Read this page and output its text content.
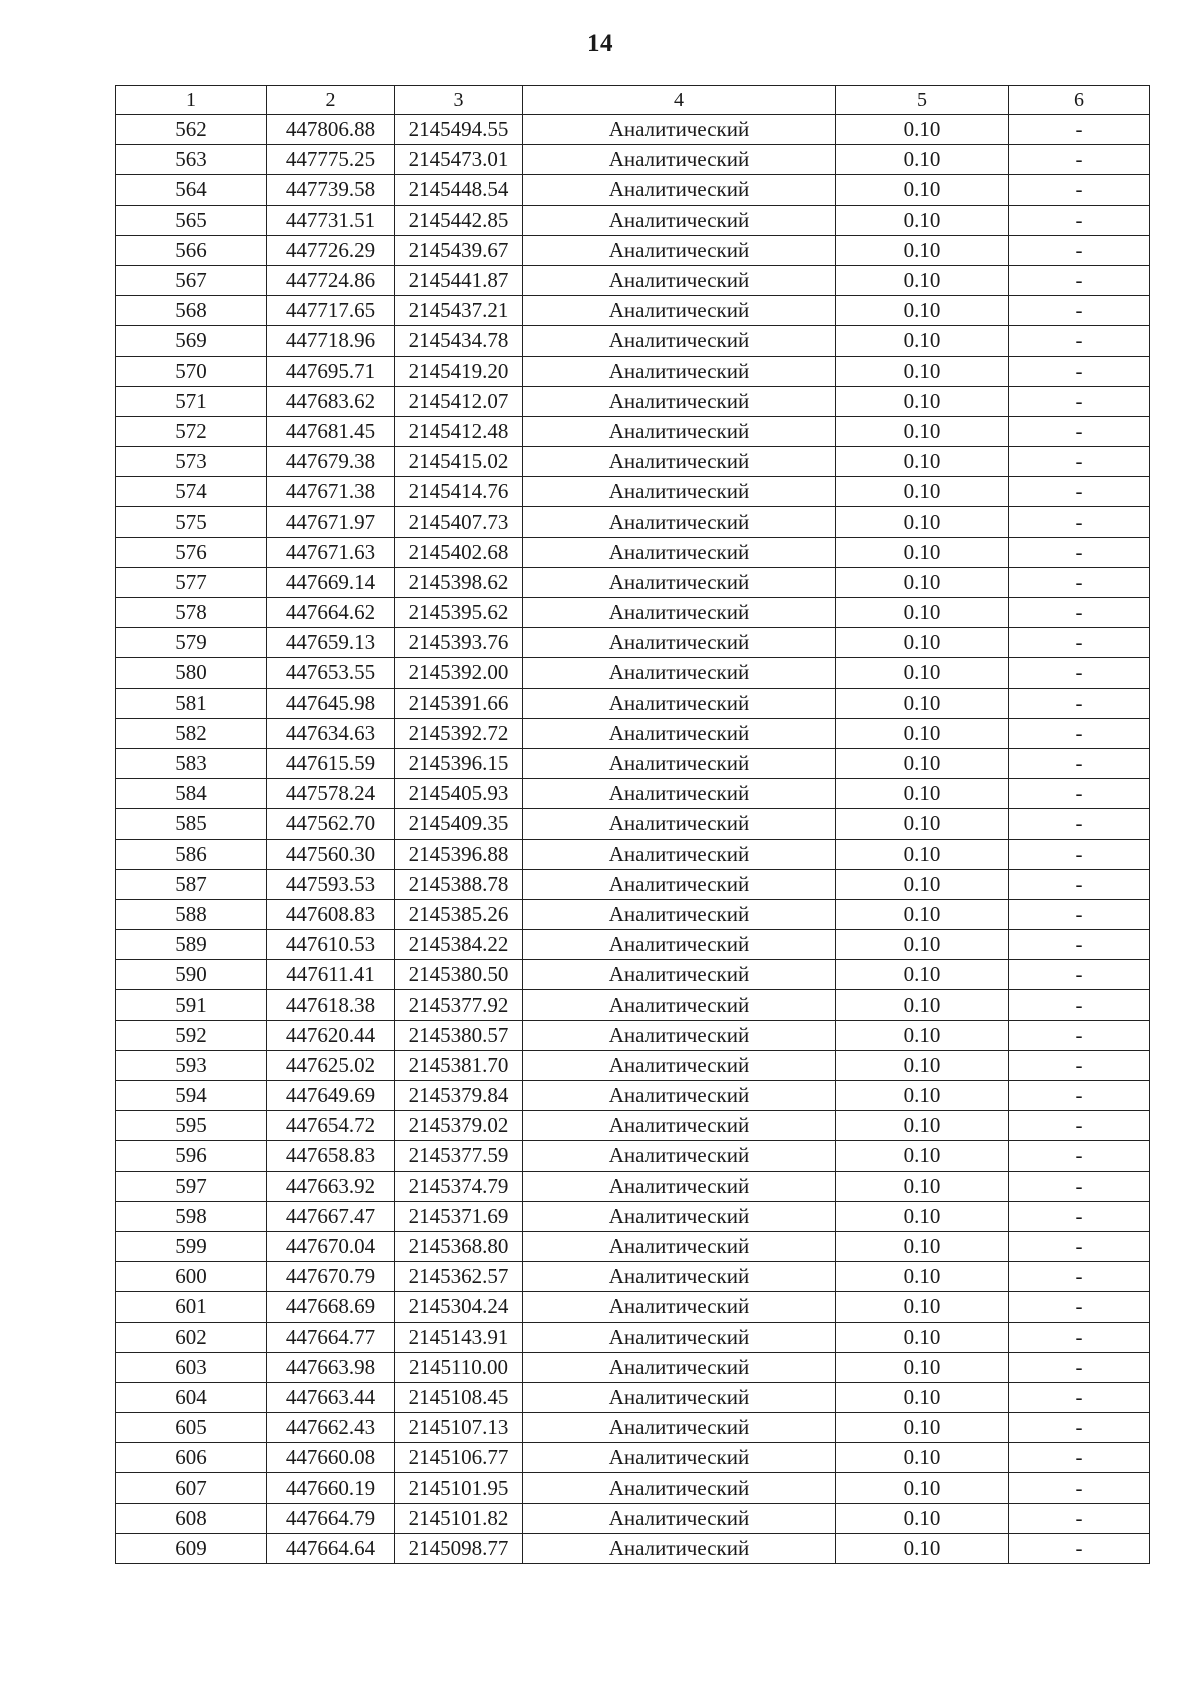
14
1	2	3	4	5	6
562	447806.88	2145494.55	Аналитический	0.10	-
563	447775.25	2145473.01	Аналитический	0.10	-
564	447739.58	2145448.54	Аналитический	0.10	-
565	447731.51	2145442.85	Аналитический	0.10	-
566	447726.29	2145439.67	Аналитический	0.10	-
567	447724.86	2145441.87	Аналитический	0.10	-
568	447717.65	2145437.21	Аналитический	0.10	-
569	447718.96	2145434.78	Аналитический	0.10	-
570	447695.71	2145419.20	Аналитический	0.10	-
571	447683.62	2145412.07	Аналитический	0.10	-
572	447681.45	2145412.48	Аналитический	0.10	-
573	447679.38	2145415.02	Аналитический	0.10	-
574	447671.38	2145414.76	Аналитический	0.10	-
575	447671.97	2145407.73	Аналитический	0.10	-
576	447671.63	2145402.68	Аналитический	0.10	-
577	447669.14	2145398.62	Аналитический	0.10	-
578	447664.62	2145395.62	Аналитический	0.10	-
579	447659.13	2145393.76	Аналитический	0.10	-
580	447653.55	2145392.00	Аналитический	0.10	-
581	447645.98	2145391.66	Аналитический	0.10	-
582	447634.63	2145392.72	Аналитический	0.10	-
583	447615.59	2145396.15	Аналитический	0.10	-
584	447578.24	2145405.93	Аналитический	0.10	-
585	447562.70	2145409.35	Аналитический	0.10	-
586	447560.30	2145396.88	Аналитический	0.10	-
587	447593.53	2145388.78	Аналитический	0.10	-
588	447608.83	2145385.26	Аналитический	0.10	-
589	447610.53	2145384.22	Аналитический	0.10	-
590	447611.41	2145380.50	Аналитический	0.10	-
591	447618.38	2145377.92	Аналитический	0.10	-
592	447620.44	2145380.57	Аналитический	0.10	-
593	447625.02	2145381.70	Аналитический	0.10	-
594	447649.69	2145379.84	Аналитический	0.10	-
595	447654.72	2145379.02	Аналитический	0.10	-
596	447658.83	2145377.59	Аналитический	0.10	-
597	447663.92	2145374.79	Аналитический	0.10	-
598	447667.47	2145371.69	Аналитический	0.10	-
599	447670.04	2145368.80	Аналитический	0.10	-
600	447670.79	2145362.57	Аналитический	0.10	-
601	447668.69	2145304.24	Аналитический	0.10	-
602	447664.77	2145143.91	Аналитический	0.10	-
603	447663.98	2145110.00	Аналитический	0.10	-
604	447663.44	2145108.45	Аналитический	0.10	-
605	447662.43	2145107.13	Аналитический	0.10	-
606	447660.08	2145106.77	Аналитический	0.10	-
607	447660.19	2145101.95	Аналитический	0.10	-
608	447664.79	2145101.82	Аналитический	0.10	-
609	447664.64	2145098.77	Аналитический	0.10	-
